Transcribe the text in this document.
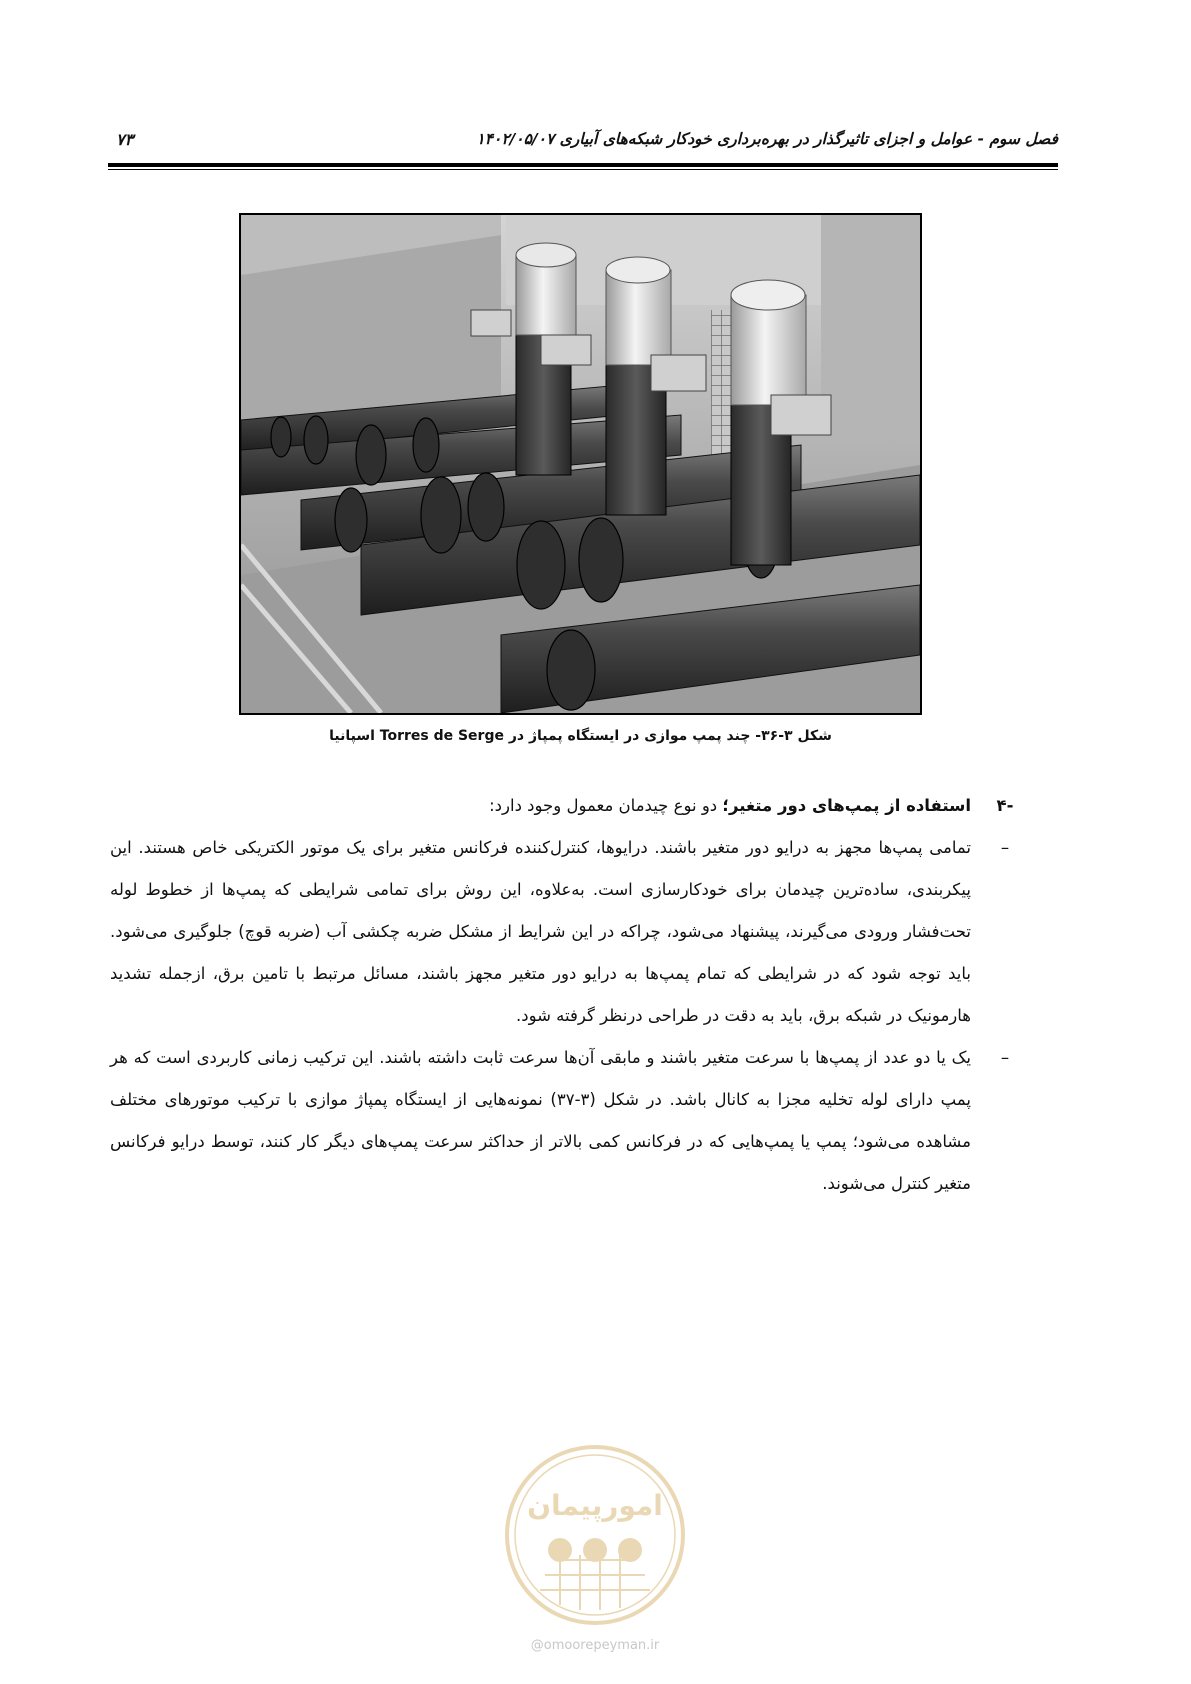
فصل سوم - عوامل و اجزای تاثیرگذار در بهره‌برداری خودکار شبکه‌های آبیاری ۱۴۰۲/۰۵/۰۷
۷۳
شکل ۳-۳۶- چند پمپ موازی در ایستگاه پمپاژ در Torres de Serge اسپانیا
-۴
استفاده از پمپ‌های دور متغیر؛ دو نوع چیدمان معمول وجود دارد:
–
تمامی پمپ‌ها مجهز به درایو دور متغیر باشند. درایوها، کنترل‌کننده فرکانس متغیر برای یک موتور الکتریکی خاص هستند. این پیکربندی، ساده‌ترین چیدمان برای خودکارسازی است. به‌علاوه، این روش برای تمامی شرایطی که پمپ‌ها از خطوط لوله تحت‌فشار ورودی می‌گیرند، پیشنهاد می‌شود، چراکه در این شرایط از مشکل ضربه چکشی آب (ضربه قوچ) جلوگیری می‌شود. باید توجه شود که در شرایطی که تمام پمپ‌ها به درایو دور متغیر مجهز باشند، مسائل مرتبط با تامین برق، ازجمله تشدید هارمونیک در شبکه برق، باید به دقت در طراحی درنظر گرفته شود.
–
یک یا دو عدد از پمپ‌ها با سرعت متغیر باشند و مابقی آن‌ها سرعت ثابت داشته باشند. این ترکیب زمانی کاربردی است که هر پمپ دارای لوله تخلیه مجزا به کانال باشد. در شکل (۳-۳۷) نمونه‌هایی از ایستگاه پمپاژ موازی با ترکیب موتورهای مختلف مشاهده می‌شود؛ پمپ یا پمپ‌هایی که در فرکانس کمی بالاتر از حداکثر سرعت پمپ‌های دیگر کار کنند، توسط درایو فرکانس متغیر کنترل می‌شوند.
امورپیمان
@omoorepeyman.ir
